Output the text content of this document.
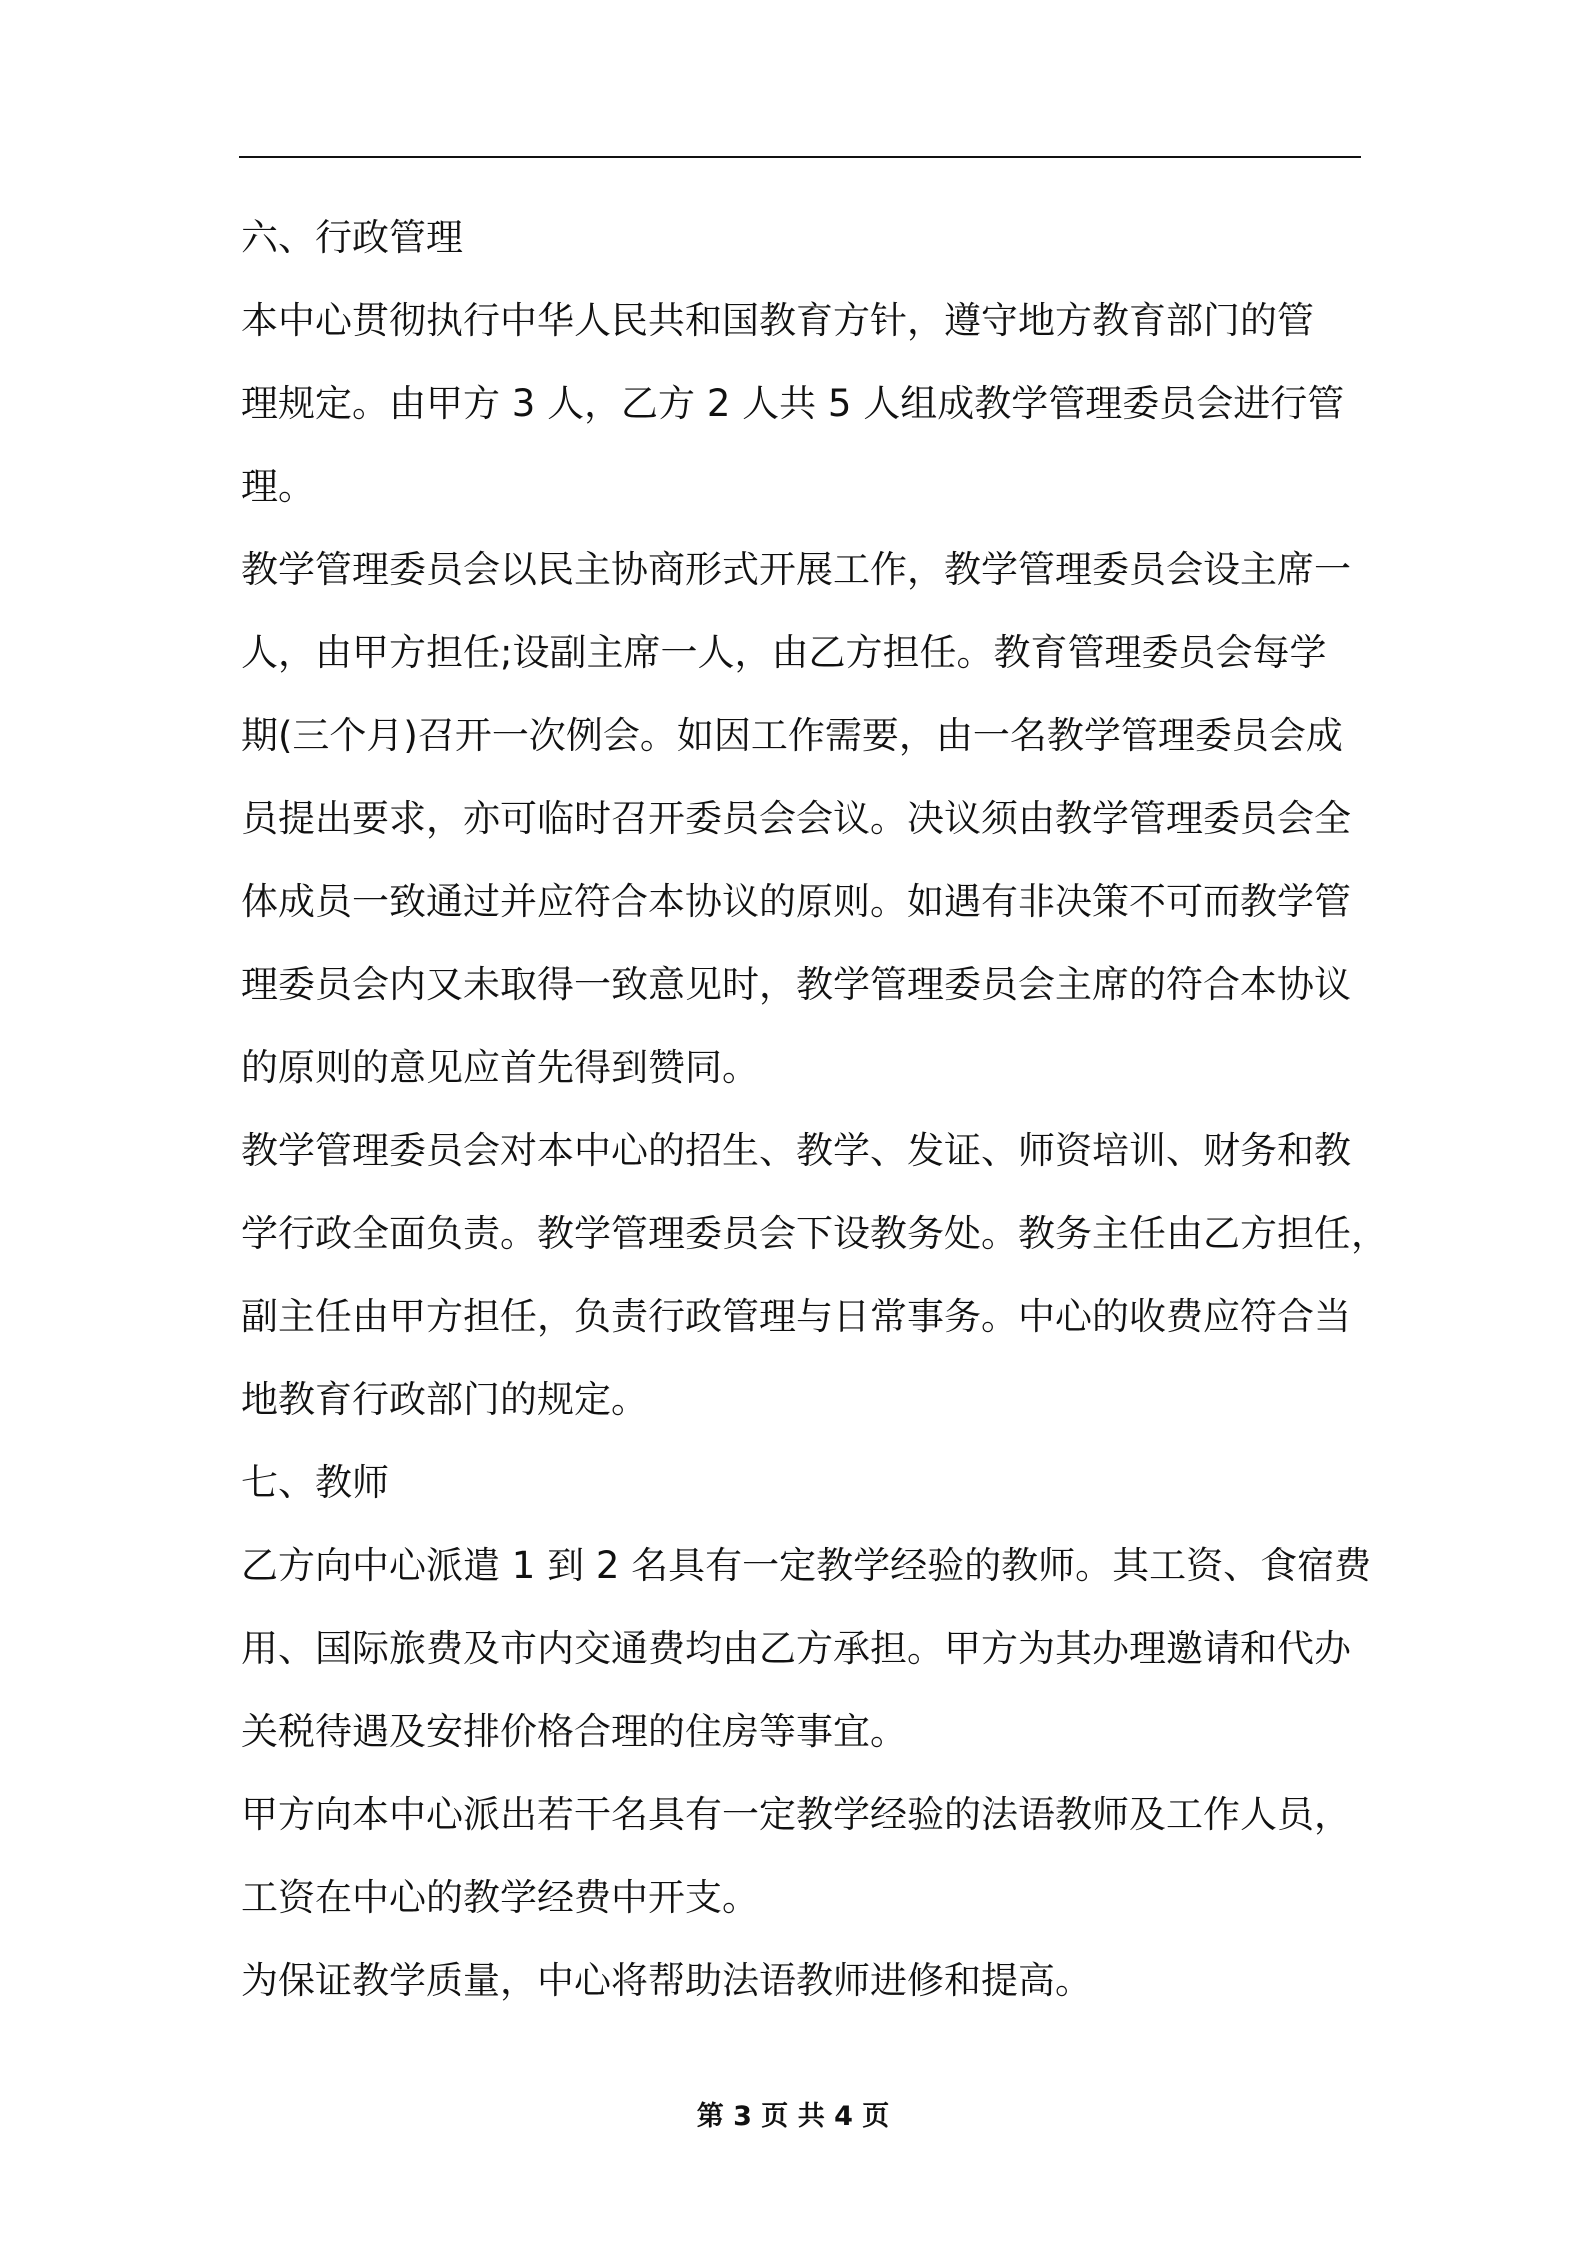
六、行政管理
本中心贯彻执行中华人民共和国教育方针，遵守地方教育部门的管
理规定。由甲方 3 人，乙方 2 人共 5 人组成教学管理委员会进行管
理。
教学管理委员会以民主协商形式开展工作，教学管理委员会设主席一
人，由甲方担任;设副主席一人，由乙方担任。教育管理委员会每学
期(三个月)召开一次例会。如因工作需要，由一名教学管理委员会成
员提出要求，亦可临时召开委员会会议。决议须由教学管理委员会全
体成员一致通过并应符合本协议的原则。如遇有非决策不可而教学管
理委员会内又未取得一致意见时，教学管理委员会主席的符合本协议
的原则的意见应首先得到赞同。
教学管理委员会对本中心的招生、教学、发证、师资培训、财务和教
学行政全面负责。教学管理委员会下设教务处。教务主任由乙方担任，
副主任由甲方担任，负责行政管理与日常事务。中心的收费应符合当
地教育行政部门的规定。
七、教师
乙方向中心派遣 1 到 2 名具有一定教学经验的教师。其工资、食宿费
用、国际旅费及市内交通费均由乙方承担。甲方为其办理邀请和代办
关税待遇及安排价格合理的住房等事宜。
甲方向本中心派出若干名具有一定教学经验的法语教师及工作人员，
工资在中心的教学经费中开支。
为保证教学质量，中心将帮助法语教师进修和提高。
第 3 页 共 4 页
